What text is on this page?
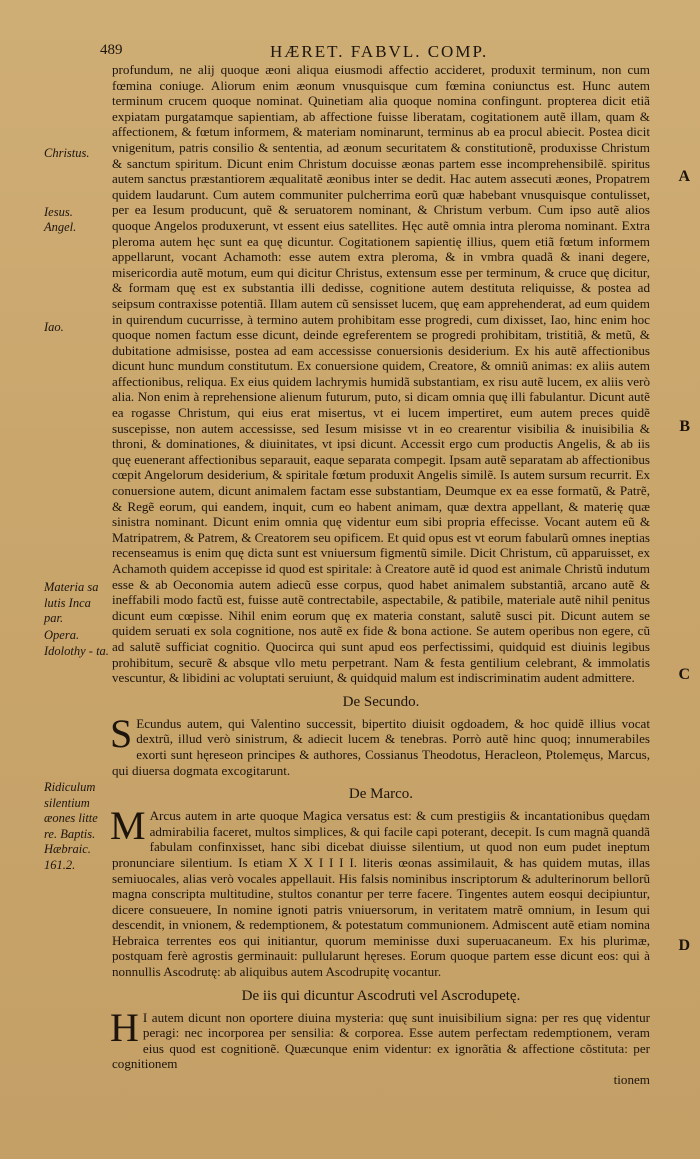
489	HÆRET. FABVL. COMP.
Christus.
Iesus.
Angel.
Iao.
Materia sa lutis Inca par.
Opera. Idolothy - ta.
Ridiculum silentium æones litte re. Baptis. Hæbraic. 161.2.
A
B
C
D

profundum, ne alij quoque æoni aliqua eiusmodi affectio accideret, produxit terminum, non cum fœmina coniuge. Aliorum enim æonum vnusquisque cum fœmina coniunctus est. Hunc autem terminum crucem quoque nominat. Quinetiam alia quoque nomina confingunt. propterea dicit etiã expiatam purgatamque sapientiam, ab affectione fuisse liberatam, cogitationem autẽ illam, quam & affectionem, & fœtum informem, & materiam nominarunt, terminus ab ea procul abiecit. Postea dicit vnigenitum, patris consilio & sententia, ad æonum securitatem & constitutionẽ, produxisse Christum & sanctum spiritum. Dicunt enim Christum docuisse æonas partem esse incomprehensibilẽ. spiritus autem sanctus præstantiorem æqualitatẽ æonibus inter se dedit. Hac autem assecuti æones, Propatrem quidem laudarunt. Cum autem communiter pulcherrima eorũ quæ habebant vnusquisque contulisset, per ea Iesum producunt, quẽ & seruatorem nominant, & Christum verbum. Cum ipso autẽ alios quoque Angelos produxerunt, vt essent eius satellites. Hęc autẽ omnia intra pleroma nominant. Extra pleroma autem hęc sunt ea quę dicuntur. Cogitationem sapientię illius, quem etiã fœtum informem appellarunt, vocant Achamoth: esse autem extra pleroma, & in vmbra quadã & inani degere, misericordia autẽ motum, eum qui dicitur Christus, extensum esse per terminum, & cruce quę dicitur, & formam quę est ex substantia illi dedisse, cognitione autem destituta reliquisse, & postea ad seipsum contraxisse potentiã. Illam autem cũ sensisset lucem, quę eam apprehenderat, ad eum quidem in quirendum cucurrisse, à termino autem prohibitam esse progredi, cum dixisset, Iao, hinc enim hoc quoque nomen factum esse dicunt, deinde egreferentem se progredi prohibitam, tristitiã, & metũ, & dubitatione admisisse, postea ad eam accessisse conuersionis desiderium. Ex his autẽ affectionibus dicunt hunc mundum constitutum. Ex conuersione quidem, Creatore, & omniũ animas: ex aliis autem affectionibus, reliqua. Ex eius quidem lachrymis humidã substantiam, ex risu autẽ lucem, ex aliis verò alia. Non enim à reprehensione alienum futurum, puto, si dicam omnia quę illi fabulantur. Dicunt autẽ ea rogasse Christum, qui eius erat misertus, vt ei lucem impertiret, eum autem preces quidẽ suscepisse, non autem accessisse, sed Iesum misisse vt in eo crearentur visibilia & inuisibilia & throni, & dominationes, & diuinitates, vt ipsi dicunt. Accessit ergo cum productis Angelis, & ab iis quę euenerant affectionibus separauit, eaque separata compegit. Ipsam autẽ separatam ab affectionibus cœpit Angelorum desiderium, & spiritale fœtum produxit Angelis similẽ. Is autem sursum recurrit. Ex conuersione autem, dicunt animalem factam esse substantiam, Deumque ex ea esse formatũ, & Patrẽ, & Regẽ eorum, qui eandem, inquit, cum eo habent animam, quæ dextra appellant, & materię quæ sinistra nominant. Dicunt enim omnia quę videntur eum sibi propria effecisse. Vocant autem eũ & Matripatrem, & Patrem, & Creatorem seu opificem. Et quid opus est vt eorum fabularũ omnes ineptias recenseamus is enim quę dicta sunt est vniuersum figmentũ simile. Dicit Christum, cũ apparuisset, ex Achamoth quidem accepisse id quod est spiritale: à Creatore autẽ id quod est animale Christũ indutum esse & ab Oeconomia autem adiecũ esse corpus, quod habet animalem substantiã, arcano autẽ & ineffabili modo factũ est, fuisse autẽ contrectabile, aspectabile, & patibile, materiale autẽ nihil penitus dicunt eum cœpisse. Nihil enim eorum quę ex materia constant, salutẽ susci pit. Dicunt autem se quidem seruati ex sola cognitione, nos autẽ ex fide & bona actione. Se autem operibus non egere, cũ ad salutẽ sufficiat cognitio. Quocirca qui sunt apud eos perfectissimi, quidquid est diuinis legibus prohibitum, securẽ & absque vllo metu perpetrant. Nam & festa gentilium celebrant, & immolatis vescuntur, & libidini ac voluptati seruiunt, & quidquid malum est indiscriminatim audent admittere.

De Secundo.

S Ecundus autem, qui Valentino successit, bipertito diuisit ogdoadem, & hoc quidẽ illius vocat dextrũ, illud verò sinistrum, & adiecit lucem & tenebras. Porrò autẽ hinc quoq; innumerabiles exorti sunt hęreseon principes & authores, Cossianus Theodotus, Heracleon, Ptolemęus, Marcus, qui diuersa dogmata excogitarunt.

De Marco.

M Arcus autem in arte quoque Magica versatus est: & cum prestigiis & incantationibus quędam admirabilia faceret, multos simplices, & qui facile capi poterant, decepit. Is cum magnã quandã fabulam confinxisset, hanc sibi dicebat diuisse silentium, ut quod non eum pudet ineptum pronunciare silentium. Is etiam X X I I I I. literis œonas assimilauit, & has quidem mutas, illas semiuocales, alias verò vocales appellauit. His falsis nominibus inscriptorum & adulterinorum bellorũ magna conscripta multitudine, stultos conantur per terre facere. Tingentes autem eosqui decipiuntur, dicere consueuere, In nomine ignoti patris vniuersorum, in veritatem matrẽ omnium, in Iesum qui descendit, in vnionem, & redemptionem, & potestatum communionem. Admiscent autẽ etiam nomina Hebraica terrentes eos qui initiantur, quorum meminisse duxi superuacaneum. Ex his plurimæ, postquam ferè agrostis germinauit: pullularunt hęreses. Eorum quoque partem esse dicunt eos: qui à nonnullis Ascodrutę: ab aliquibus autem Ascodrupitę vocantur.

De iis qui dicuntur Ascodruti vel Ascrodupetę.

H I autem dicunt non oportere diuina mysteria: quę sunt inuisibilium signa: per res quę videntur peragi: nec incorporea per sensilia: & corporea. Esse autem perfectam redemptionem, veram eius quod est cognitionẽ. Quæcunque enim videntur: ex ignorãtia & affectione cõstituta: per cognitionem

tionem
